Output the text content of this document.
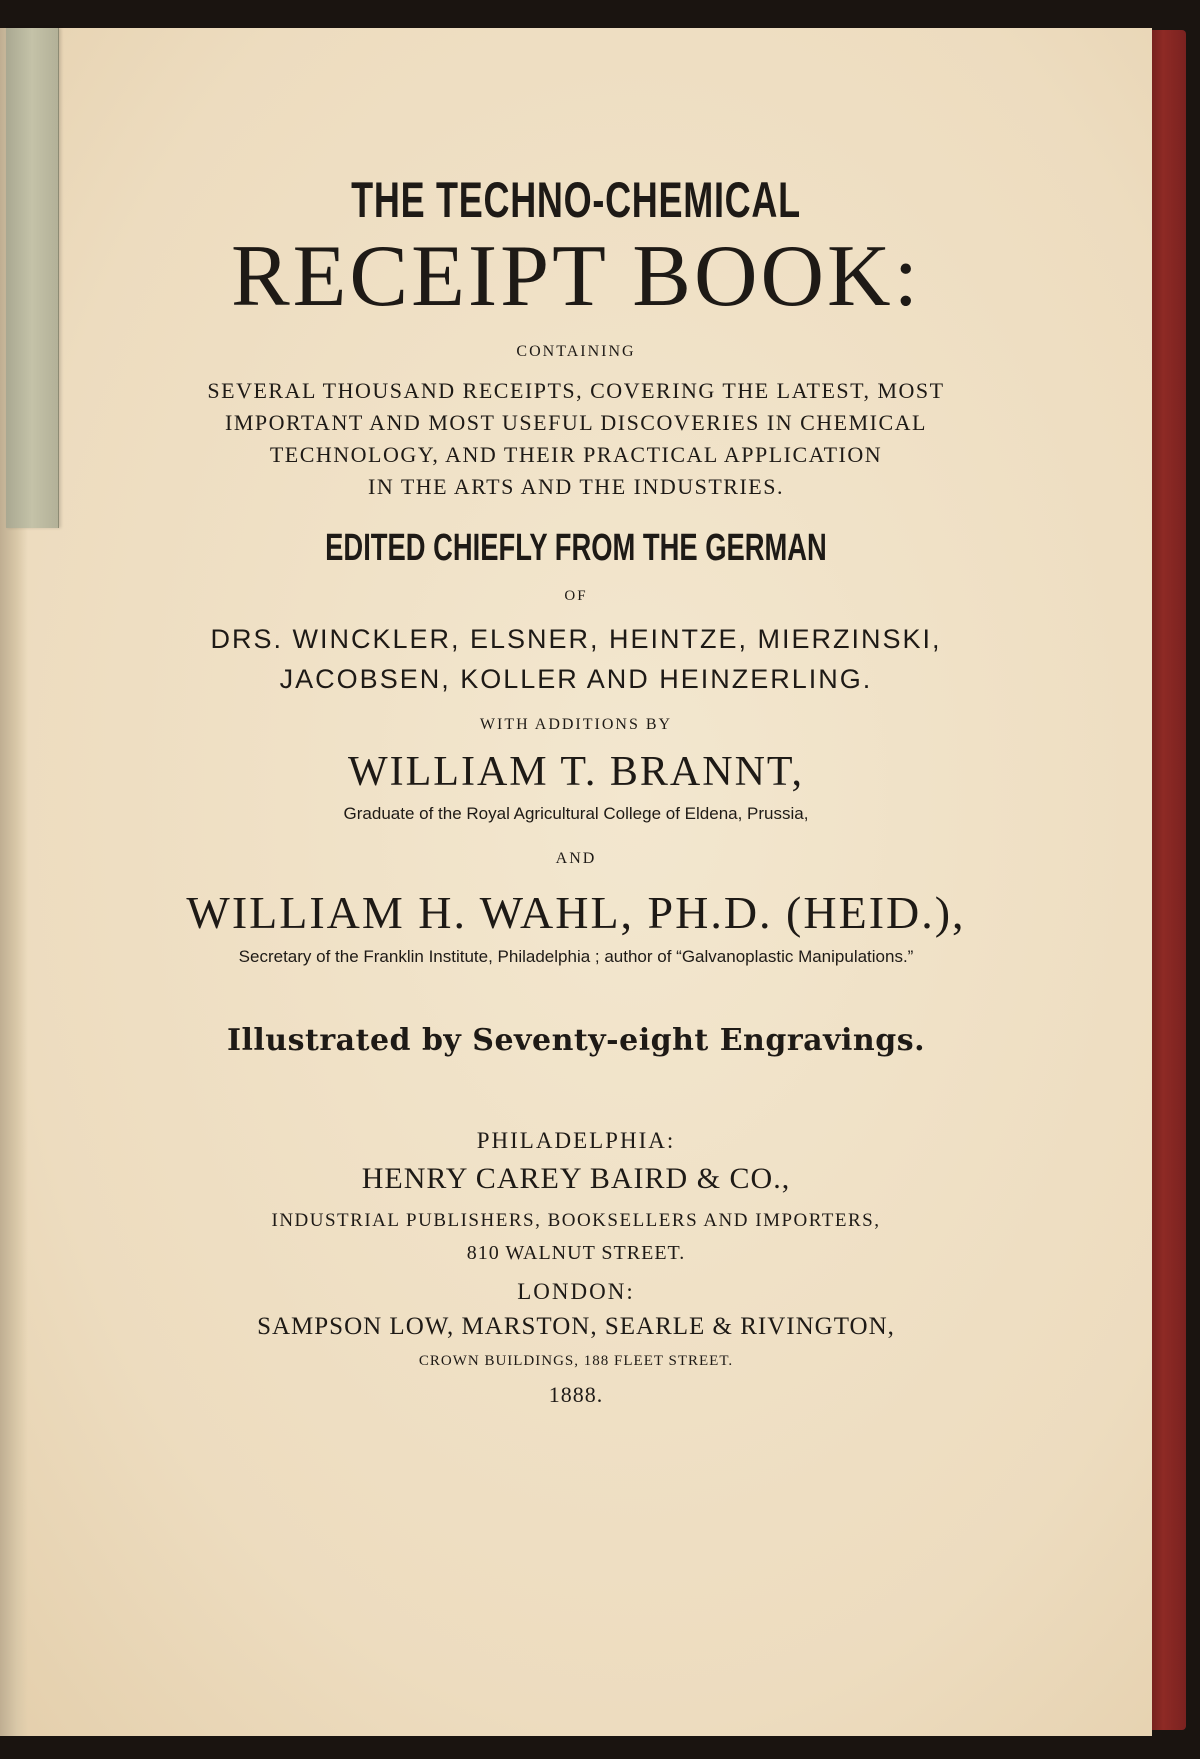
THE TECHNO-CHEMICAL
RECEIPT BOOK:
CONTAINING
SEVERAL THOUSAND RECEIPTS, COVERING THE LATEST, MOST
IMPORTANT AND MOST USEFUL DISCOVERIES IN CHEMICAL
TECHNOLOGY, AND THEIR PRACTICAL APPLICATION
IN THE ARTS AND THE INDUSTRIES.
EDITED CHIEFLY FROM THE GERMAN
OF
DRS. WINCKLER, ELSNER, HEINTZE, MIERZINSKI,
JACOBSEN, KOLLER AND HEINZERLING.
WITH ADDITIONS BY
WILLIAM T. BRANNT,
Graduate of the Royal Agricultural College of Eldena, Prussia,
AND
WILLIAM H. WAHL, PH.D. (HEID.),
Secretary of the Franklin Institute, Philadelphia ; author of “Galvanoplastic Manipulations.”
Illustrated by Seventy-eight Engravings.
PHILADELPHIA:
HENRY CAREY BAIRD & CO.,
INDUSTRIAL PUBLISHERS, BOOKSELLERS AND IMPORTERS,
810 WALNUT STREET.
LONDON:
SAMPSON LOW, MARSTON, SEARLE & RIVINGTON,
CROWN BUILDINGS, 188 FLEET STREET.
1888.
